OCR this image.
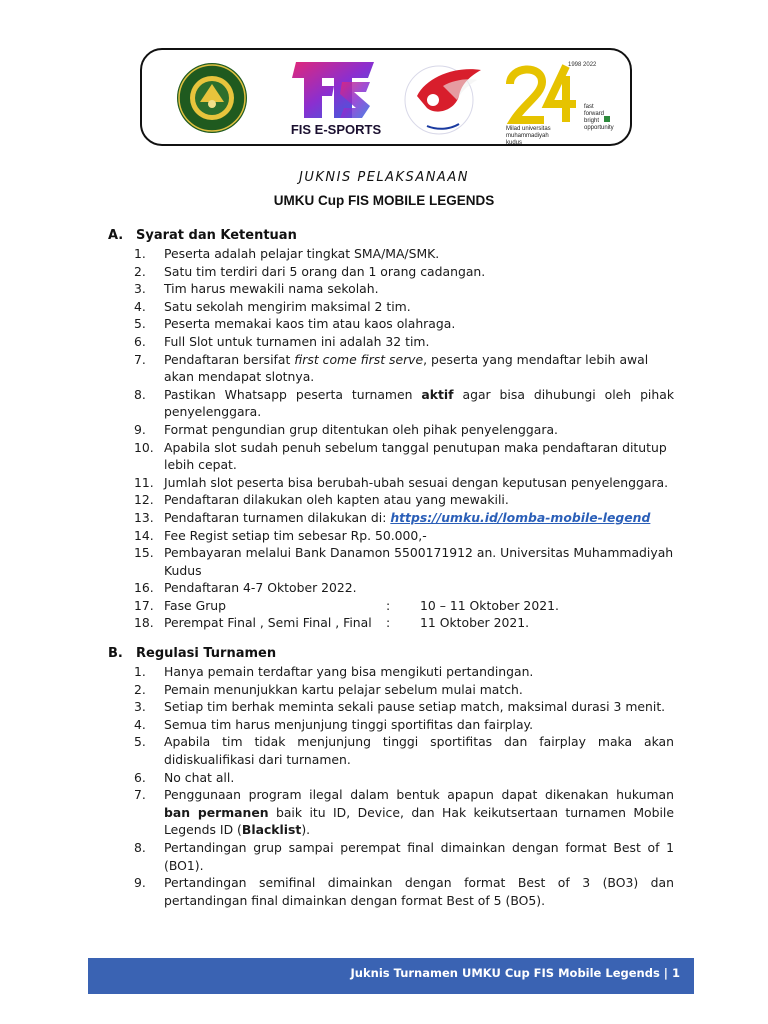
FIS E-SPORTS
1998 2022
fast
forward
bright
opportunity
Milad universitas
muhammadiyah
kudus
JUKNIS PELAKSANAAN
UMKU Cup FIS MOBILE LEGENDS
A. Syarat dan Ketentuan
1.	Peserta adalah pelajar tingkat SMA/MA/SMK.
2.	Satu tim terdiri dari 5 orang dan 1 orang cadangan.
3.	Tim harus mewakili nama sekolah.
4.	Satu sekolah mengirim maksimal 2 tim.
5.	Peserta memakai kaos tim atau kaos olahraga.
6.	Full Slot untuk turnamen ini adalah 32 tim.
7.	Pendaftaran bersifat first come first serve, peserta yang mendaftar lebih awal akan mendapat slotnya.
8.	Pastikan Whatsapp peserta turnamen aktif agar bisa dihubungi oleh pihak penyelenggara.
9.	Format pengundian grup ditentukan oleh pihak penyelenggara.
10. Apabila slot sudah penuh sebelum tanggal penutupan maka pendaftaran ditutup lebih cepat.
11. Jumlah slot peserta bisa berubah-ubah sesuai dengan keputusan penyelenggara.
12. Pendaftaran dilakukan oleh kapten atau yang mewakili.
13. Pendaftaran turnamen dilakukan di: https://umku.id/lomba-mobile-legend
14. Fee Regist setiap tim sebesar Rp. 50.000,-
15. Pembayaran melalui Bank Danamon 5500171912 an. Universitas Muhammadiyah Kudus
16. Pendaftaran 4-7 Oktober 2022.
17. Fase Grup	: 10 – 11 Oktober 2021.
18. Perempat Final , Semi Final , Final : 11 Oktober 2021.
B. Regulasi Turnamen
1.	Hanya pemain terdaftar yang bisa mengikuti pertandingan.
2.	Pemain menunjukkan kartu pelajar sebelum mulai match.
3.	Setiap tim berhak meminta sekali pause setiap match, maksimal durasi 3 menit.
4.	Semua tim harus menjunjung tinggi sportifitas dan fairplay.
5.	Apabila tim tidak menjunjung tinggi sportifitas dan fairplay maka akan didiskualifikasi dari turnamen.
6.	No chat all.
7.	Penggunaan program ilegal dalam bentuk apapun dapat dikenakan hukuman ban permanen baik itu ID, Device, dan Hak keikutsertaan turnamen Mobile Legends ID (Blacklist).
8.	Pertandingan grup sampai perempat final dimainkan dengan format Best of 1 (BO1).
9.	Pertandingan semifinal dimainkan dengan format Best of 3 (BO3) dan pertandingan final dimainkan dengan format Best of 5 (BO5).
Juknis Turnamen UMKU Cup FIS Mobile Legends | 1
